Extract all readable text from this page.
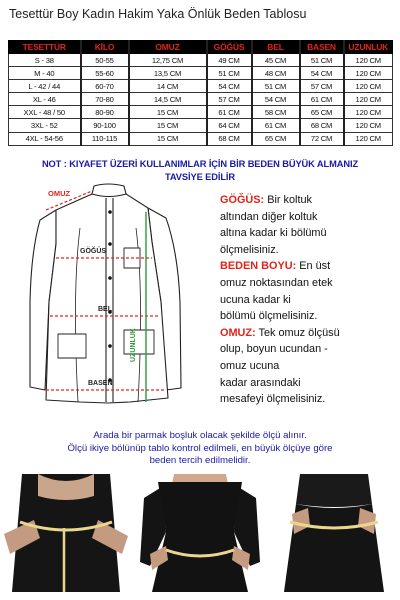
Tesettür Boy Kadın Hakim Yaka Önlük Beden Tablosu
TESETTÜR	KİLO	OMUZ	GÖĞÜS	BEL	BASEN	UZUNLUK
S - 38	50-55	12,75 CM	49 CM	45 CM	51 CM	120 CM
M - 40	55-60	13,5 CM	51 CM	48 CM	54 CM	120 CM
L - 42 / 44	60-70	14 CM	54 CM	51 CM	57 CM	120 CM
XL - 46	70-80	14,5 CM	57 CM	54 CM	61 CM	120 CM
XXL - 48 / 50	80-90	15 CM	61 CM	58 CM	65 CM	120 CM
3XL - 52	90-100	15 CM	64 CM	61 CM	68 CM	120 CM
4XL - 54-56	110-115	15 CM	68 CM	65 CM	72 CM	120 CM
NOT : KIYAFET ÜZERİ KULLANIMLAR İÇİN BİR BEDEN BÜYÜK ALMANIZ
TAVSİYE EDİLİR
OMUZ
GÖĞÜS
BEL
BASEN
UZUNLUK
GÖĞÜS: Bir koltuk
altından diğer koltuk
altına kadar ki bölümü
ölçmelisiniz.
BEDEN BOYU: En üst
omuz noktasından etek
ucuna kadar ki
bölümü ölçmelisiniz.
OMUZ: Tek omuz ölçüsü
olup, boyun ucundan -
omuz ucuna
kadar arasındaki
mesafeyi ölçmelisiniz.
Arada bir parmak boşluk olacak şekilde ölçü alınır.
Ölçü ikiye bölünüp tablo kontrol edilmeli, en büyük ölçüye göre
beden tercih edilmelidir.
